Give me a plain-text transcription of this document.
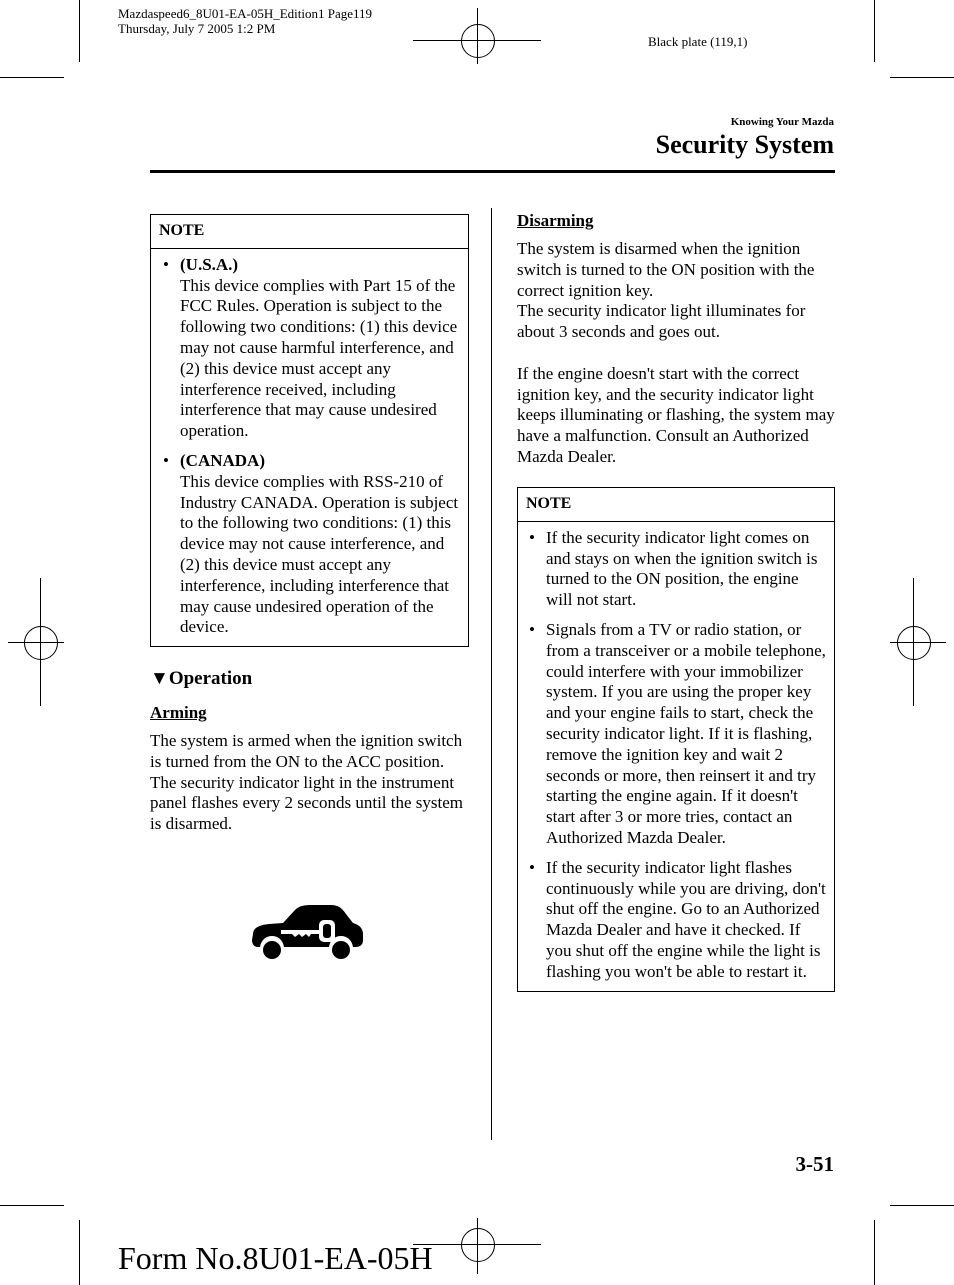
Mazdaspeed6_8U01-EA-05H_Edition1 Page119
Thursday, July 7 2005 1:2 PM
Black plate (119,1)
Knowing Your Mazda
Security System
NOTE
• (U.S.A.)
This device complies with Part 15 of the FCC Rules. Operation is subject to the following two conditions: (1) this device may not cause harmful interference, and (2) this device must accept any interference received, including interference that may cause undesired operation.
• (CANADA)
This device complies with RSS-210 of Industry CANADA. Operation is subject to the following two conditions: (1) this device may not cause interference, and (2) this device must accept any interference, including interference that may cause undesired operation of the device.
▼Operation
Arming
The system is armed when the ignition switch is turned from the ON to the ACC position.
The security indicator light in the instrument panel flashes every 2 seconds until the system is disarmed.
Disarming
The system is disarmed when the ignition switch is turned to the ON position with the correct ignition key.
The security indicator light illuminates for about 3 seconds and goes out.
If the engine doesn't start with the correct ignition key, and the security indicator light keeps illuminating or flashing, the system may have a malfunction. Consult an Authorized Mazda Dealer.
NOTE
• If the security indicator light comes on and stays on when the ignition switch is turned to the ON position, the engine will not start.
• Signals from a TV or radio station, or from a transceiver or a mobile telephone, could interfere with your immobilizer system. If you are using the proper key and your engine fails to start, check the security indicator light. If it is flashing, remove the ignition key and wait 2 seconds or more, then reinsert it and try starting the engine again. If it doesn't start after 3 or more tries, contact an Authorized Mazda Dealer.
• If the security indicator light flashes continuously while you are driving, don't shut off the engine. Go to an Authorized Mazda Dealer and have it checked. If you shut off the engine while the light is flashing you won't be able to restart it.
3-51
Form No.8U01-EA-05H
